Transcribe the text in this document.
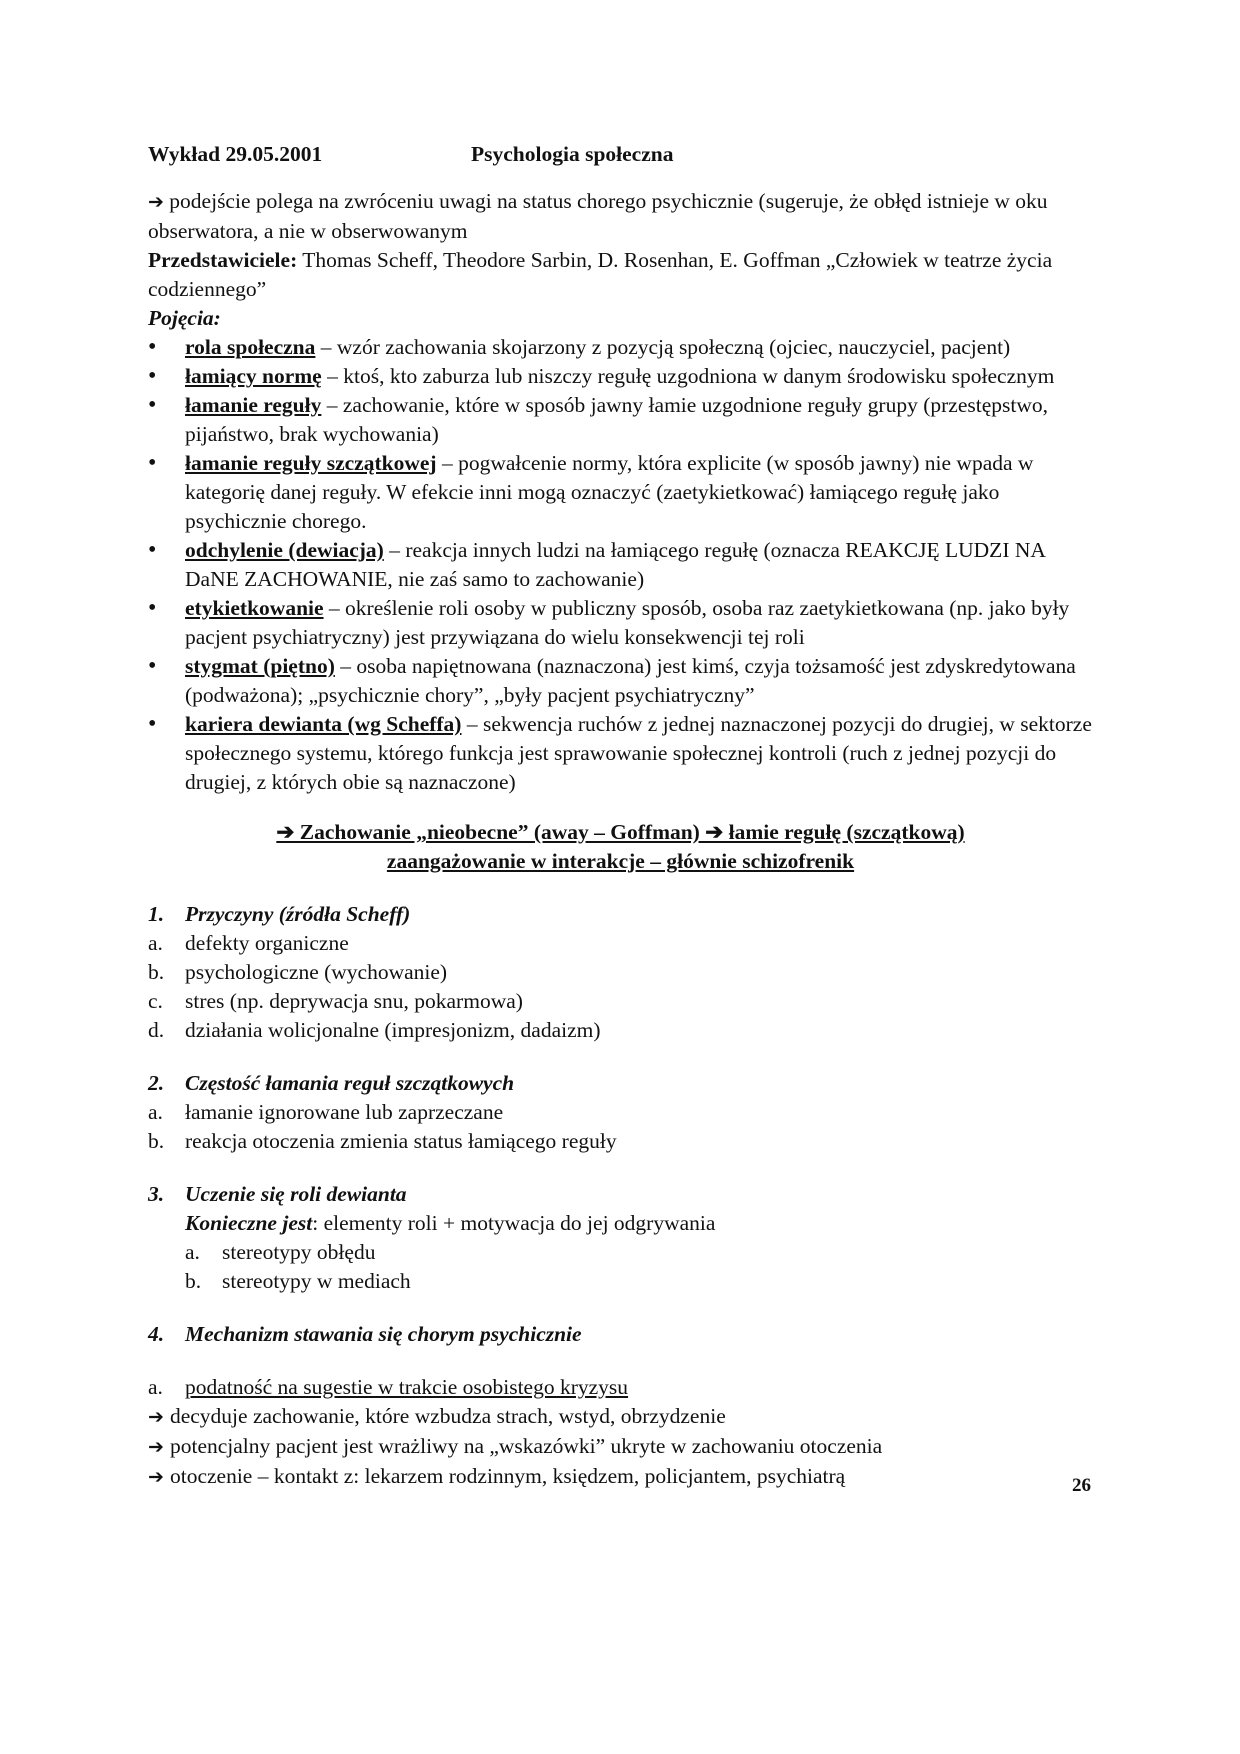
Wykład 29.05.2001	Psychologia społeczna

➔ podejście polega na zwróceniu uwagi na status chorego psychicznie (sugeruje, że obłęd istnieje w oku obserwatora, a nie w obserwowanym

Przedstawiciele: Thomas Scheff, Theodore Sarbin, D. Rosenhan, E. Goffman „Człowiek w teatrze życia codziennego”

Pojęcia:

• rola społeczna – wzór zachowania skojarzony z pozycją społeczną (ojciec, nauczyciel, pacjent)
• łamiący normę – ktoś, kto zaburza lub niszczy regułę uzgodniona w danym środowisku społecznym
• łamanie reguły – zachowanie, które w sposób jawny łamie uzgodnione reguły grupy (przestępstwo, pijaństwo, brak wychowania)
• łamanie reguły szczątkowej – pogwałcenie normy, która explicite (w sposób jawny) nie wpada w kategorię danej reguły. W efekcie inni mogą oznaczyć (zaetykietkować) łamiącego regułę jako psychicznie chorego.
• odchylenie (dewiacja) – reakcja innych ludzi na łamiącego regułę (oznacza REAKCJĘ LUDZI NA DaNE ZACHOWANIE, nie zaś samo to zachowanie)
• etykietkowanie – określenie roli osoby w publiczny sposób, osoba raz zaetykietkowana (np. jako były pacjent psychiatryczny) jest przywiązana do wielu konsekwencji tej roli
• stygmat (piętno) – osoba napiętnowana (naznaczona) jest kimś, czyja tożsamość jest zdyskredytowana (podważona); „psychicznie chory”, „były pacjent psychiatryczny”
• kariera dewianta (wg Scheffa) – sekwencja ruchów z jednej naznaczonej pozycji do drugiej, w sektorze społecznego systemu, którego funkcja jest sprawowanie społecznej kontroli (ruch z jednej pozycji do drugiej, z których obie są naznaczone)
➔ Zachowanie „nieobecne” (away – Goffman) ➔ łamie regułę (szczątkową)
zaangażowanie w interakcje – głównie schizofrenik
1. Przyczyny (źródła Scheff)
a. defekty organiczne
b. psychologiczne (wychowanie)
c. stres (np. deprywacja snu, pokarmowa)
d. działania wolicjonalne (impresjonizm, dadaizm)
2. Częstość łamania reguł szczątkowych
a. łamanie ignorowane lub zaprzeczane
b. reakcja otoczenia zmienia status łamiącego reguły
3. Uczenie się roli dewianta
Konieczne jest: elementy roli + motywacja do jej odgrywania
a. stereotypy obłędu
b. stereotypy w mediach
4. Mechanizm stawania się chorym psychicznie
a. podatność na sugestie w trakcie osobistego kryzysu
➔ decyduje zachowanie, które wzbudza strach, wstyd, obrzydzenie
➔ potencjalny pacjent jest wrażliwy na „wskazówki” ukryte w zachowaniu otoczenia
➔ otoczenie – kontakt z: lekarzem rodzinnym, księdzem, policjantem, psychiatrą	26
